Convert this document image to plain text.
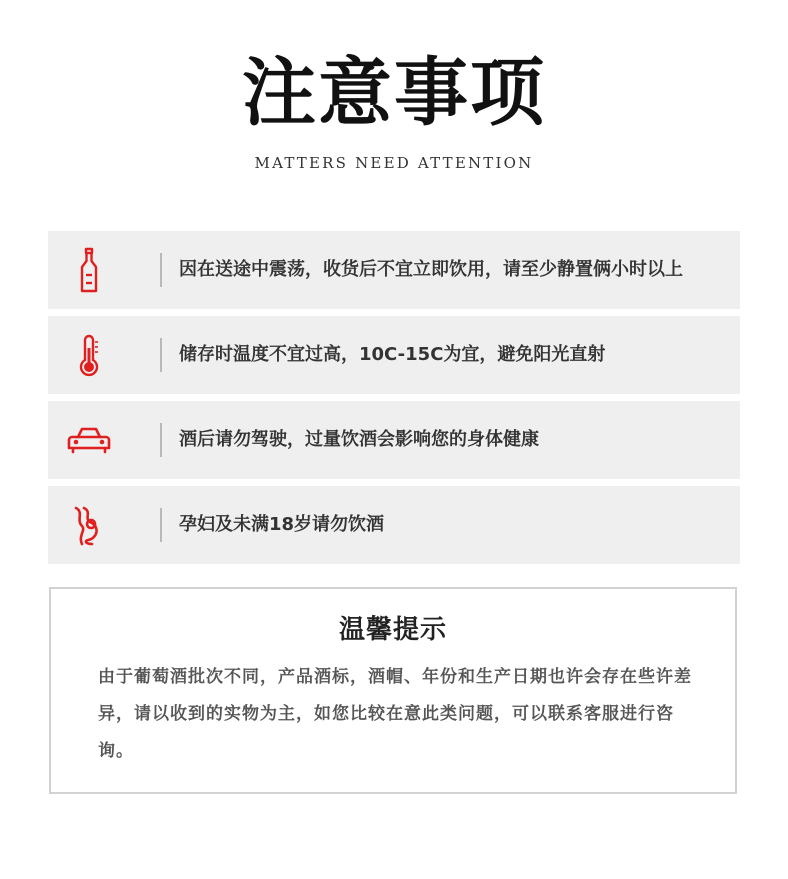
注意事项
MATTERS NEED ATTENTION
因在送途中震荡，收货后不宜立即饮用，请至少静置俩小时以上
储存时温度不宜过高，10C-15C为宜，避免阳光直射
酒后请勿驾驶，过量饮酒会影响您的身体健康
孕妇及未满18岁请勿饮酒
温馨提示
由于葡萄酒批次不同，产品酒标，酒帽、年份和生产日期也许会存在些许差异，请以收到的实物为主，如您比较在意此类问题，可以联系客服进行咨询。
